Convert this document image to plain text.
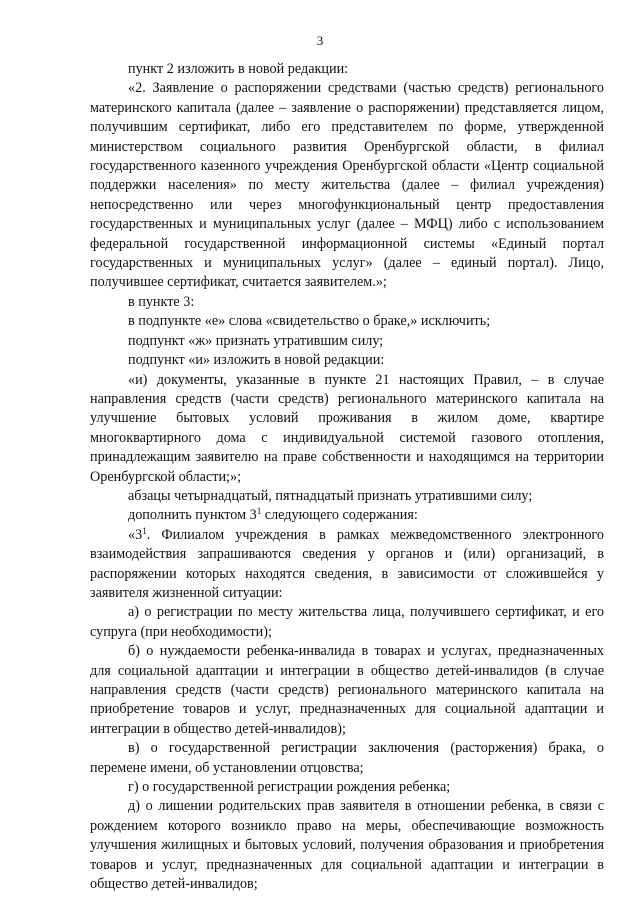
3

пункт 2 изложить в новой редакции:

«2. Заявление о распоряжении средствами (частью средств) регионального материнского капитала (далее – заявление о распоряжении) представляется лицом, получившим сертификат, либо его представителем по форме, утвержденной министерством социального развития Оренбургской области, в филиал государственного казенного учреждения Оренбургской области «Центр социальной поддержки населения» по месту жительства (далее – филиал учреждения) непосредственно или через многофункциональный центр предоставления государственных и муниципальных услуг (далее – МФЦ) либо с использованием федеральной государственной информационной системы «Единый портал государственных и муниципальных услуг» (далее – единый портал). Лицо, получившее сертификат, считается заявителем.»;

в пункте 3:

в подпункте «е» слова «свидетельство о браке,» исключить;

подпункт «ж» признать утратившим силу;

подпункт «и» изложить в новой редакции:

«и) документы, указанные в пункте 21 настоящих Правил, – в случае направления средств (части средств) регионального материнского капитала на улучшение бытовых условий проживания в жилом доме, квартире многоквартирного дома с индивидуальной системой газового отопления, принадлежащим заявителю на праве собственности и находящимся на территории Оренбургской области;»;

абзацы четырнадцатый, пятнадцатый признать утратившими силу;

дополнить пунктом $3^1$ следующего содержания:

«$3^1$. Филиалом учреждения в рамках межведомственного электронного взаимодействия запрашиваются сведения у органов и (или) организаций, в распоряжении которых находятся сведения, в зависимости от сложившейся у заявителя жизненной ситуации:

а) о регистрации по месту жительства лица, получившего сертификат, и его супруга (при необходимости);

б) о нуждаемости ребенка-инвалида в товарах и услугах, предназначенных для социальной адаптации и интеграции в общество детей-инвалидов (в случае направления средств (части средств) регионального материнского капитала на приобретение товаров и услуг, предназначенных для социальной адаптации и интеграции в общество детей-инвалидов);

в) о государственной регистрации заключения (расторжения) брака, о перемене имени, об установлении отцовства;

г) о государственной регистрации рождения ребенка;

д) о лишении родительских прав заявителя в отношении ребенка, в связи с рождением которого возникло право на меры, обеспечивающие возможность улучшения жилищных и бытовых условий, получения образования и приобретения товаров и услуг, предназначенных для социальной адаптации и интеграции в общество детей-инвалидов;
